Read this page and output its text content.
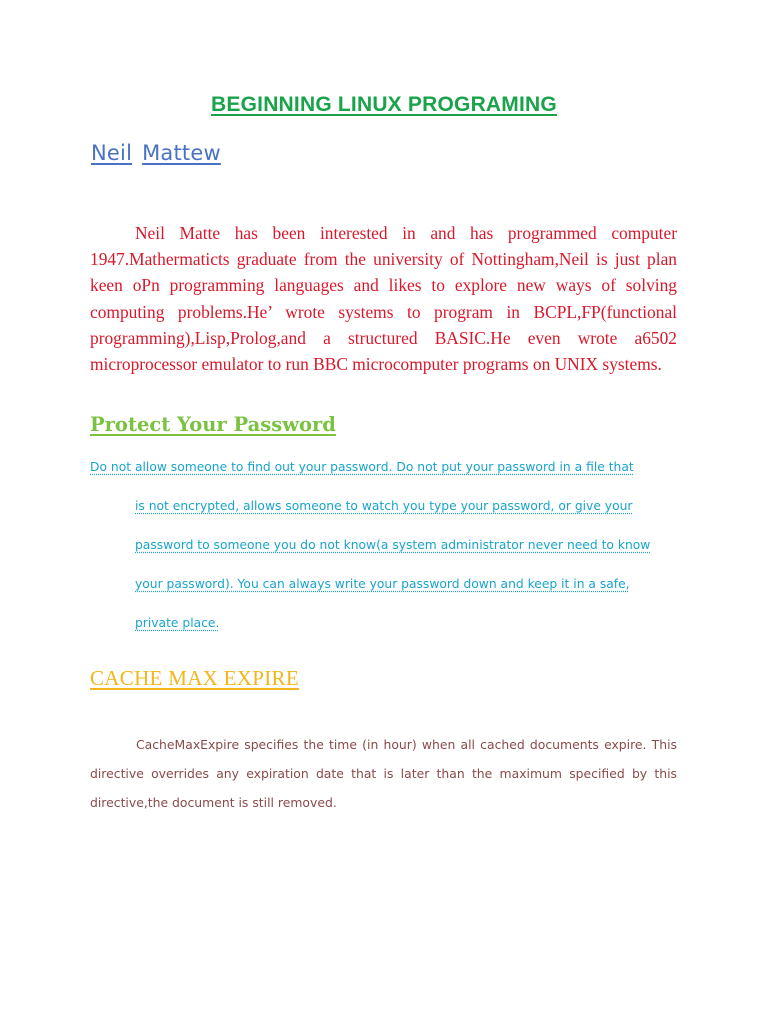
BEGINNING LINUX PROGRAMING
Neil Mattew

Neil Matte has been interested in and has programmed computer 1947.Mathermaticts graduate from the university of Nottingham,Neil is just plan keen oPn programming languages and likes to explore new ways of solving computing problems.He’ wrote systems to program in BCPL,FP(functional programming),Lisp,Prolog,and a structured BASIC.He even wrote a6502 microprocessor emulator to run BBC microcomputer programs on UNIX systems.

Protect Your Password
Do not allow someone to find out your password. Do not put your password in a file that
is not encrypted, allows someone to watch you type your password, or give your
password to someone you do not know(a system administrator never need to know
your password). You can always write your password down and keep it in a safe,
private place.
CACHE MAX EXPIRE

CacheMaxExpire specifies the time (in hour) when all cached documents expire. This directive overrides any expiration date that is later than the maximum specified by this directive,the document is still removed.
